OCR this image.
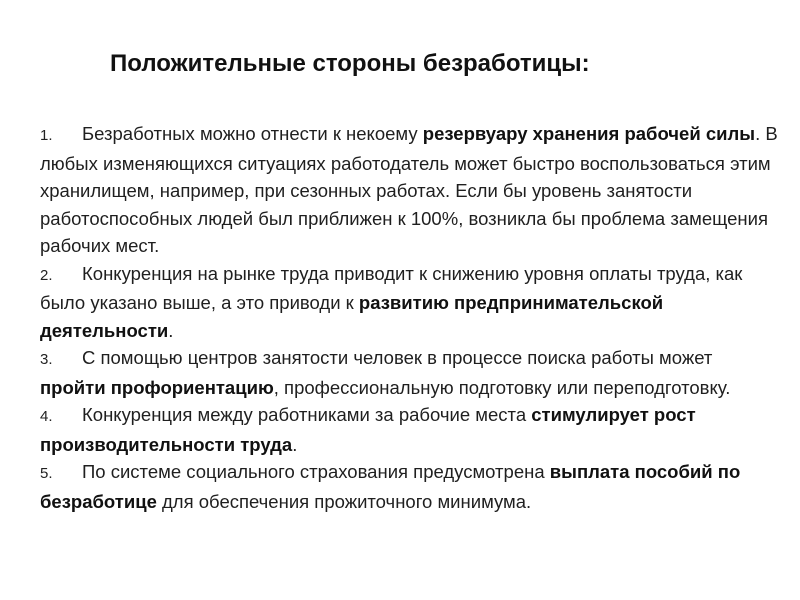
Положительные стороны безработицы:

1. Безработных можно отнести к некоему резервуару хранения рабочей силы. В любых изменяющихся ситуациях работодатель может быстро воспользоваться этим хранилищем, например, при сезонных работах. Если бы уровень занятости работоспособных людей был приближен к 100%, возникла бы проблема замещения рабочих мест.

2. Конкуренция на рынке труда приводит к снижению уровня оплаты труда, как было указано выше, а это приводи к развитию предпринимательской деятельности.

3. С помощью центров занятости человек в процессе поиска работы может пройти профориентацию, профессиональную подготовку или переподготовку.

4. Конкуренция между работниками за рабочие места стимулирует рост производительности труда.

5. По системе социального страхования предусмотрена выплата пособий по безработице для обеспечения прожиточного минимума.
